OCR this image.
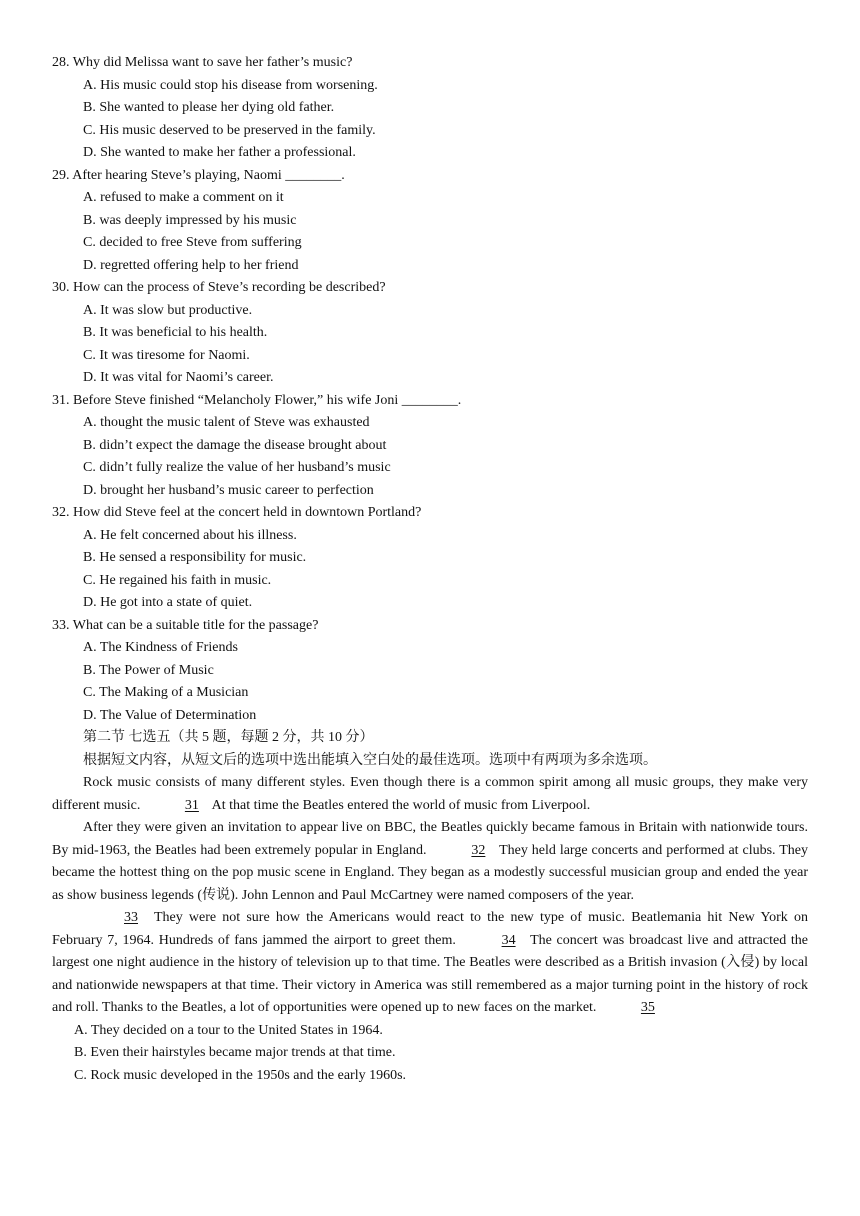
28. Why did Melissa want to save her father’s music?
A. His music could stop his disease from worsening.
B. She wanted to please her dying old father.
C. His music deserved to be preserved in the family.
D. She wanted to make her father a professional.
29. After hearing Steve’s playing, Naomi ________.
A. refused to make a comment on it
B. was deeply impressed by his music
C. decided to free Steve from suffering
D. regretted offering help to her friend
30. How can the process of Steve’s recording be described?
A. It was slow but productive.
B. It was beneficial to his health.
C. It was tiresome for Naomi.
D. It was vital for Naomi’s career.
31. Before Steve finished “Melancholy Flower,” his wife Joni ________.
A. thought the music talent of Steve was exhausted
B. didn’t expect the damage the disease brought about
C. didn’t fully realize the value of her husband’s music
D. brought her husband’s music career to perfection
32. How did Steve feel at the concert held in downtown Portland?
A. He felt concerned about his illness.
B. He sensed a responsibility for music.
C. He regained his faith in music.
D. He got into a state of quiet.
33. What can be a suitable title for the passage?
A. The Kindness of Friends
B. The Power of Music
C. The Making of a Musician
D. The Value of Determination
第二节 七选五（共 5 题，每题 2 分，共 10 分）
根据短文内容，从短文后的选项中选出能填入空白处的最佳选项。选项中有两项为多余选项。
Rock music consists of many different styles. Even though there is a common spirit among all music groups, they make very different music.	31 At that time the Beatles entered the world of music from Liverpool.
After they were given an invitation to appear live on BBC, the Beatles quickly became famous in Britain with nationwide tours. By mid-1963, the Beatles had been extremely popular in England.	32 They held large concerts and performed at clubs. They became the hottest thing on the pop music scene in England. They began as a modestly successful musician group and ended the year as show business legends (传说). John Lennon and Paul McCartney were named composers of the year.
33 They were not sure how the Americans would react to the new type of music. Beatlemania hit New York on February 7, 1964. Hundreds of fans jammed the airport to greet them.	34 The concert was broadcast live and attracted the largest one night audience in the history of television up to that time. The Beatles were described as a British invasion (入侵) by local and nationwide newspapers at that time. Their victory in America was still remembered as a major turning point in the history of rock and roll. Thanks to the Beatles, a lot of opportunities were opened up to new faces on the market.	35
A. They decided on a tour to the United States in 1964.
B. Even their hairstyles became major trends at that time.
C. Rock music developed in the 1950s and the early 1960s.
